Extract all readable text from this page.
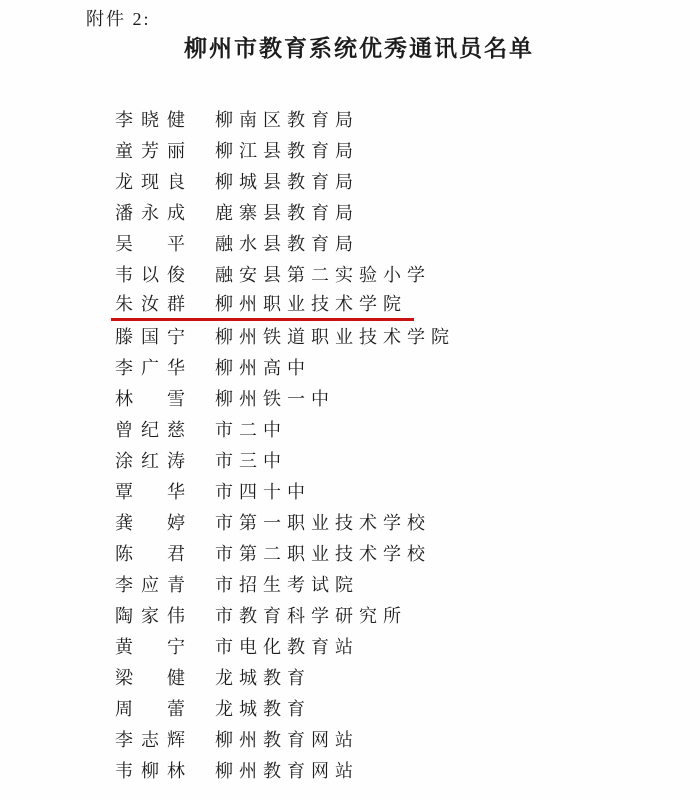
附件 2:
柳州市教育系统优秀通讯员名单
李晓健 柳南区教育局
童芳丽 柳江县教育局
龙现良 柳城县教育局
潘永成 鹿寨县教育局
吴　平 融水县教育局
韦以俊 融安县第二实验小学
朱汝群 柳州职业技术学院
滕国宁 柳州铁道职业技术学院
李广华 柳州高中
林　雪 柳州铁一中
曾纪慈 市二中
涂红涛 市三中
覃　华 市四十中
龚　婷 市第一职业技术学校
陈　君 市第二职业技术学校
李应青 市招生考试院
陶家伟 市教育科学研究所
黄　宁 市电化教育站
梁　健 龙城教育
周　蕾 龙城教育
李志辉 柳州教育网站
韦柳林 柳州教育网站
